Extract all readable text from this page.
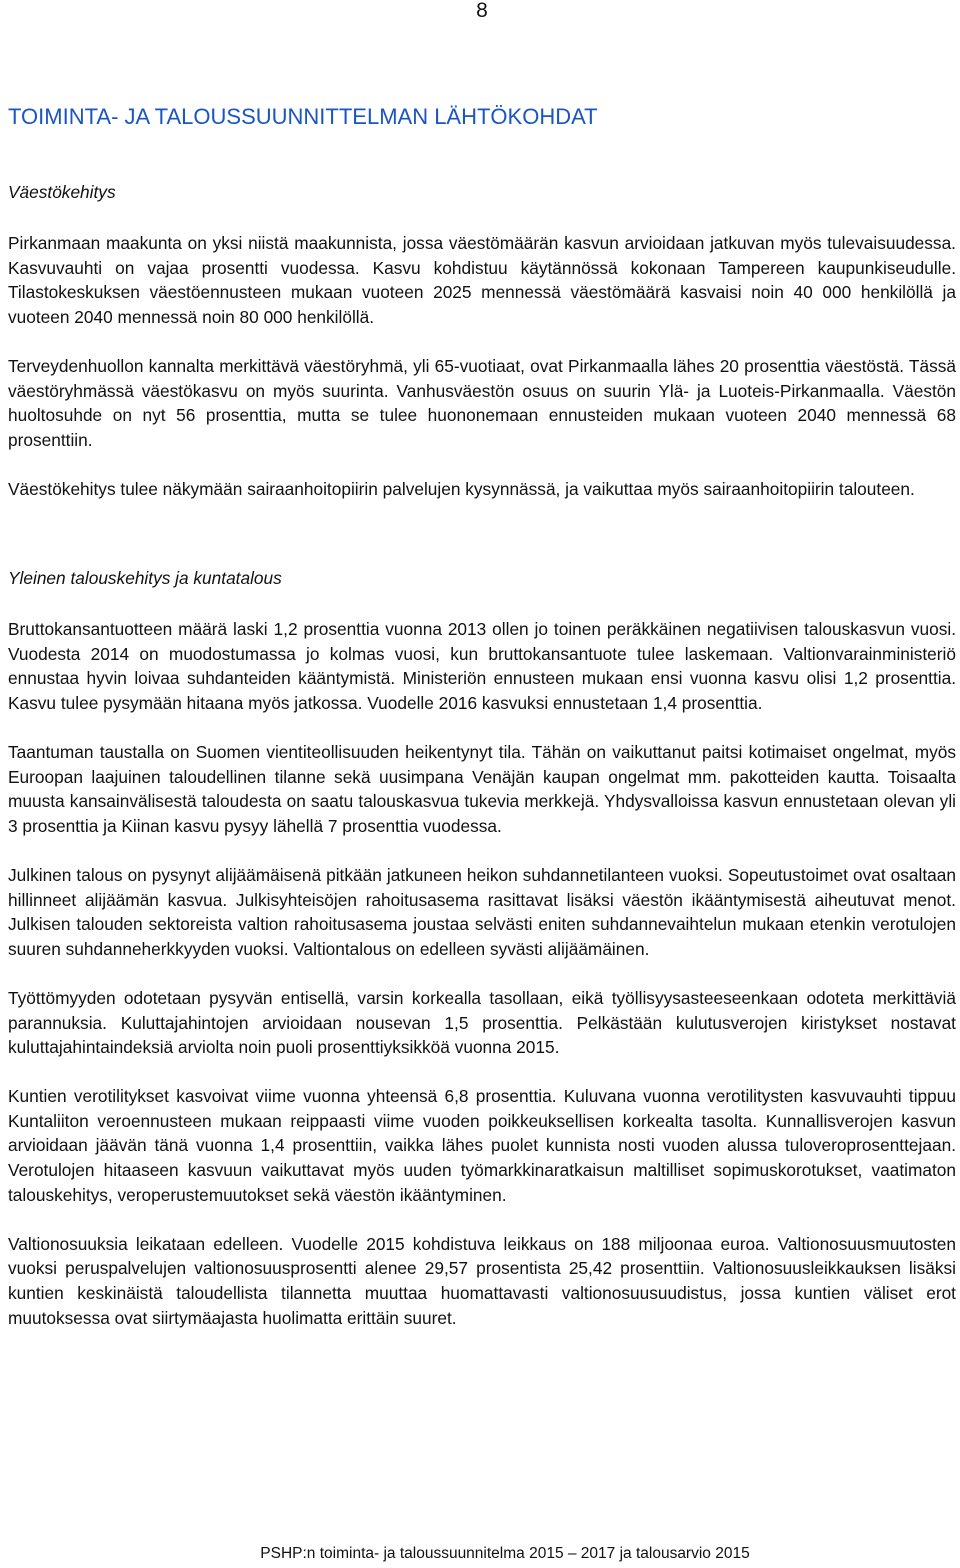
8
TOIMINTA- JA TALOUSSUUNNITTELMAN LÄHTÖKOHDAT
Väestökehitys

Pirkanmaan maakunta on yksi niistä maakunnista, jossa väestömäärän kasvun arvioidaan jatkuvan myös tulevaisuudessa. Kasvuvauhti on vajaa prosentti vuodessa. Kasvu kohdistuu käytännössä kokonaan Tampereen kaupunkiseudulle. Tilastokeskuksen väestöennusteen mukaan vuoteen 2025 mennessä väestömäärä kasvaisi noin 40 000 henkilöllä ja vuoteen 2040 mennessä noin 80 000 henkilöllä.

Terveydenhuollon kannalta merkittävä väestöryhmä, yli 65-vuotiaat, ovat Pirkanmaalla lähes 20 prosenttia väestöstä. Tässä väestöryhmässä väestökasvu on myös suurinta. Vanhusväestön osuus on suurin Ylä- ja Luoteis-Pirkanmaalla. Väestön huoltosuhde on nyt 56 prosenttia, mutta se tulee huononemaan ennusteiden mukaan vuoteen 2040 mennessä 68 prosenttiin.

Väestökehitys tulee näkymään sairaanhoitopiirin palvelujen kysynnässä, ja vaikuttaa myös sairaanhoitopiirin talouteen.

Yleinen talouskehitys ja kuntatalous

Bruttokansantuotteen määrä laski 1,2 prosenttia vuonna 2013 ollen jo toinen peräkkäinen negatiivisen talouskasvun vuosi. Vuodesta 2014 on muodostumassa jo kolmas vuosi, kun bruttokansantuote tulee laskemaan. Valtionvarainministeriö ennustaa hyvin loivaa suhdanteiden kääntymistä. Ministeriön ennusteen mukaan ensi vuonna kasvu olisi 1,2 prosenttia. Kasvu tulee pysymään hitaana myös jatkossa. Vuodelle 2016 kasvuksi ennustetaan 1,4 prosenttia.

Taantuman taustalla on Suomen vientiteollisuuden heikentynyt tila. Tähän on vaikuttanut paitsi kotimaiset ongelmat, myös Euroopan laajuinen taloudellinen tilanne sekä uusimpana Venäjän kaupan ongelmat mm. pakotteiden kautta. Toisaalta muusta kansainvälisestä taloudesta on saatu talouskasvua tukevia merkkejä. Yhdysvalloissa kasvun ennustetaan olevan yli 3 prosenttia ja Kiinan kasvu pysyy lähellä 7 prosenttia vuodessa.

Julkinen talous on pysynyt alijäämäisenä pitkään jatkuneen heikon suhdannetilanteen vuoksi. Sopeutustoimet ovat osaltaan hillinneet alijäämän kasvua. Julkisyhteisöjen rahoitusasema rasittavat lisäksi väestön ikääntymisestä aiheutuvat menot. Julkisen talouden sektoreista valtion rahoitusasema joustaa selvästi eniten suhdannevaihtelun mukaan etenkin verotulojen suuren suhdanneherkkyyden vuoksi. Valtiontalous on edelleen syvästi alijäämäinen.

Työttömyyden odotetaan pysyvän entisellä, varsin korkealla tasollaan, eikä työllisyysasteeseenkaan odoteta merkittäviä parannuksia. Kuluttajahintojen arvioidaan nousevan 1,5 prosenttia. Pelkästään kulutusverojen kiristykset nostavat kuluttajahintaindeksiä arviolta noin puoli prosenttiyksikköä vuonna 2015.

Kuntien verotilitykset kasvoivat viime vuonna yhteensä 6,8 prosenttia. Kuluvana vuonna verotilitysten kasvuvauhti tippuu Kuntaliiton veroennusteen mukaan reippaasti viime vuoden poikkeuksellisen korkealta tasolta. Kunnallisverojen kasvun arvioidaan jäävän tänä vuonna 1,4 prosenttiin, vaikka lähes puolet kunnista nosti vuoden alussa tuloveroprosenttejaan. Verotulojen hitaaseen kasvuun vaikuttavat myös uuden työmarkkinaratkaisun maltilliset sopimuskorotukset, vaatimaton talouskehitys, veroperustemuutokset sekä väestön ikääntyminen.

Valtionosuuksia leikataan edelleen. Vuodelle 2015 kohdistuva leikkaus on 188 miljoonaa euroa. Valtionosuusmuutosten vuoksi peruspalvelujen valtionosuusprosentti alenee 29,57 prosentista 25,42 prosenttiin. Valtionosuusleikkauksen lisäksi kuntien keskinäistä taloudellista tilannetta muuttaa huomattavasti valtionosuusuudistus, jossa kuntien väliset erot muutoksessa ovat siirtymäajasta huolimatta erittäin suuret.

PSHP:n toiminta- ja taloussuunnitelma 2015 – 2017 ja talousarvio 2015
